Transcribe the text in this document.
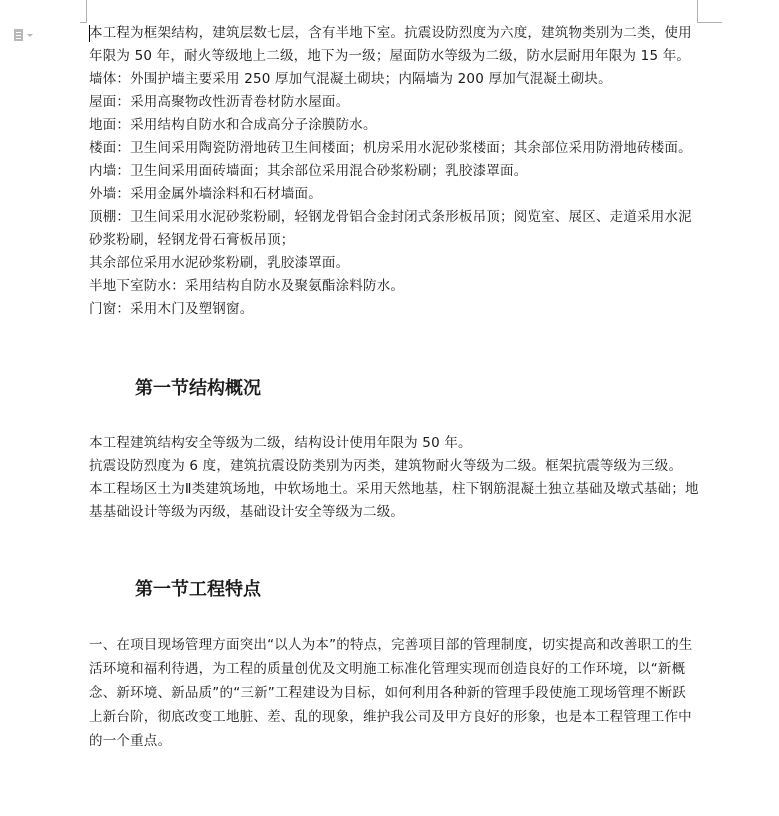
本工程为框架结构，建筑层数七层，含有半地下室。抗震设防烈度为六度，建筑物类别为二类，使用年限为 50 年，耐火等级地上二级，地下为一级；屋面防水等级为二级，防水层耐用年限为 15 年。

墙体：外围护墙主要采用 250 厚加气混凝土砌块；内隔墙为 200 厚加气混凝土砌块。

屋面：采用高聚物改性沥青卷材防水屋面。

地面：采用结构自防水和合成高分子涂膜防水。

楼面：卫生间采用陶瓷防滑地砖卫生间楼面；机房采用水泥砂浆楼面；其余部位采用防滑地砖楼面。

内墙：卫生间采用面砖墙面；其余部位采用混合砂浆粉刷；乳胶漆罩面。

外墙：采用金属外墙涂料和石材墙面。

顶棚：卫生间采用水泥砂浆粉刷，轻钢龙骨铝合金封闭式条形板吊顶；阅览室、展区、走道采用水泥砂浆粉刷，轻钢龙骨石膏板吊顶；

其余部位采用水泥砂浆粉刷，乳胶漆罩面。

半地下室防水：采用结构自防水及聚氨酯涂料防水。

门窗：采用木门及塑钢窗。

第一节结构概况

本工程建筑结构安全等级为二级，结构设计使用年限为 50 年。

抗震设防烈度为 6 度，建筑抗震设防类别为丙类，建筑物耐火等级为二级。框架抗震等级为三级。

本工程场区土为Ⅱ类建筑场地，中软场地土。采用天然地基，柱下钢筋混凝土独立基础及墩式基础；地基基础设计等级为丙级，基础设计安全等级为二级。

第一节工程特点

一、在项目现场管理方面突出“以人为本”的特点，完善项目部的管理制度，切实提高和改善职工的生活环境和福利待遇，为工程的质量创优及文明施工标准化管理实现而创造良好的工作环境，以“新概念、新环境、新品质”的“三新”工程建设为目标，如何利用各种新的管理手段使施工现场管理不断跃上新台阶，彻底改变工地脏、差、乱的现象，维护我公司及甲方良好的形象，也是本工程管理工作中的一个重点。
